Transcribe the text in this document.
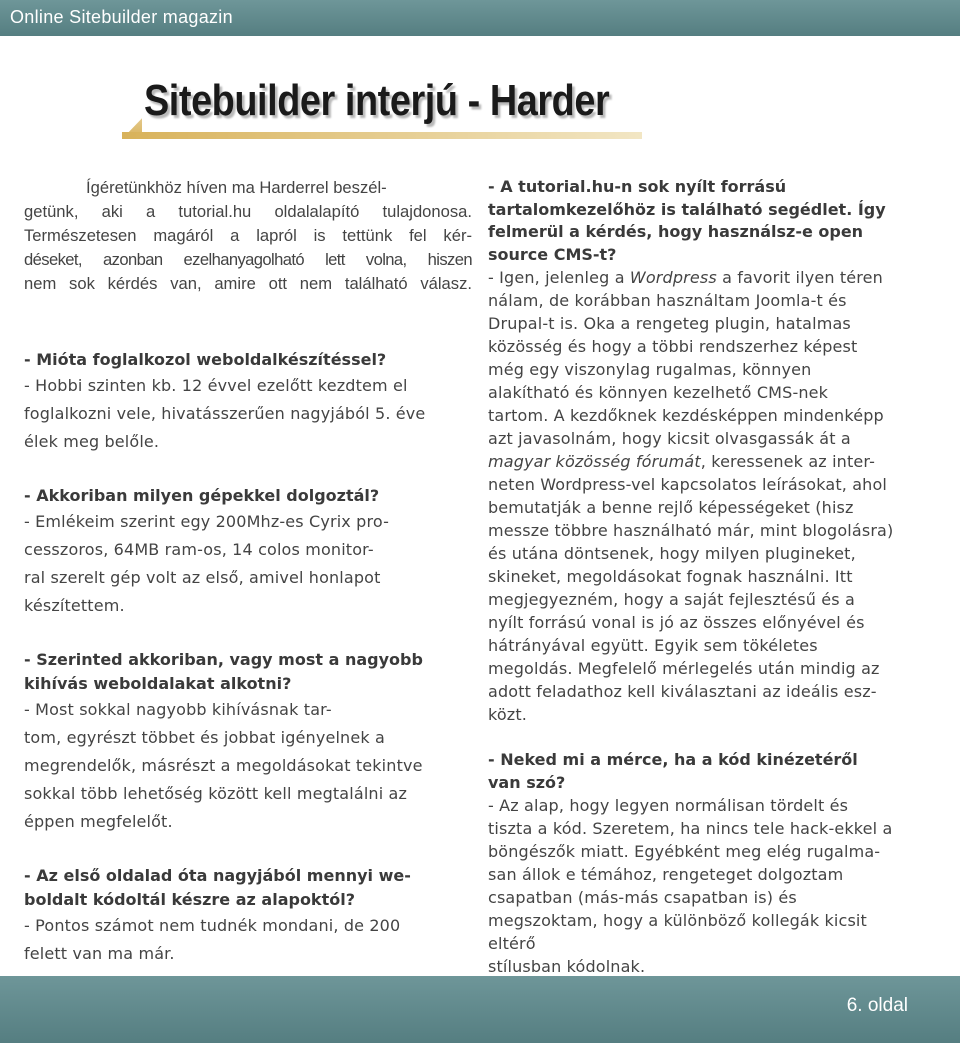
Online Sitebuilder magazin
Sitebuilder interjú - Harder

Ígéretünkhöz híven ma Harderrel beszél-
getünk, aki a tutorial.hu oldalalapító tulajdonosa.
Természetesen magáról a lapról is tettünk fel kér-
déseket, azonban ezelhanyagolható lett volna, hiszen
nem sok kérdés van, amire ott nem található válasz.

- Mióta foglalkozol weboldalkészítéssel?

- Hobbi szinten kb. 12 évvel ezelőtt kezdtem el
foglalkozni vele, hivatásszerűen nagyjából 5. éve
élek meg belőle.

- Akkoriban milyen gépekkel dolgoztál?

- Emlékeim szerint egy 200Mhz-es Cyrix pro-
cesszoros, 64MB ram-os, 14 colos monitor-
ral szerelt gép volt az első, amivel honlapot
készítettem.

- Szerinted akkoriban, vagy most a nagyobb
kihívás weboldalakat alkotni?

- Most sokkal nagyobb kihívásnak tar-
tom, egyrészt többet és jobbat igényelnek a
megrendelők, másrészt a megoldásokat tekintve
sokkal több lehetőség között kell megtalálni az
éppen megfelelőt.

- Az első oldalad óta nagyjából mennyi we-
boldalt kódoltál készre az alapoktól?

- Pontos számot nem tudnék mondani, de 200
felett van ma már.

- A tutorial.hu-n sok nyílt forrású
tartalomkezelőhöz is található segédlet. Így
felmerül a kérdés, hogy használsz-e open
source CMS-t?

- Igen, jelenleg a Wordpress a favorit ilyen téren
nálam, de korábban használtam Joomla-t és
Drupal-t is. Oka a rengeteg plugin, hatalmas
közösség és hogy a többi rendszerhez képest
még egy viszonylag rugalmas, könnyen
alakítható és könnyen kezelhető CMS-nek
tartom. A kezdőknek kezdésképpen mindenképp
azt javasolnám, hogy kicsit olvasgassák át a
magyar közösség fórumát, keressenek az inter-
neten Wordpress-vel kapcsolatos leírásokat, ahol
bemutatják a benne rejlő képességeket (hisz
messze többre használható már, mint blogolásra)
és utána döntsenek, hogy milyen plugineket,
skineket, megoldásokat fognak használni. Itt
megjegyezném, hogy a saját fejlesztésű és a
nyílt forrású vonal is jó az összes előnyével és
hátrányával együtt. Egyik sem tökéletes
megoldás. Megfelelő mérlegelés után mindig az
adott feladathoz kell kiválasztani az ideális esz-
közt.

- Neked mi a mérce, ha a kód kinézetéről
van szó?

- Az alap, hogy legyen normálisan tördelt és
tiszta a kód. Szeretem, ha nincs tele hack-ekkel a
böngészők miatt. Egyébként meg elég rugalma-
san állok e témához, rengeteget dolgoztam
csapatban (más-más csapatban is) és
megszoktam, hogy a különböző kollegák kicsit
eltérő
stílusban kódolnak.

6. oldal
